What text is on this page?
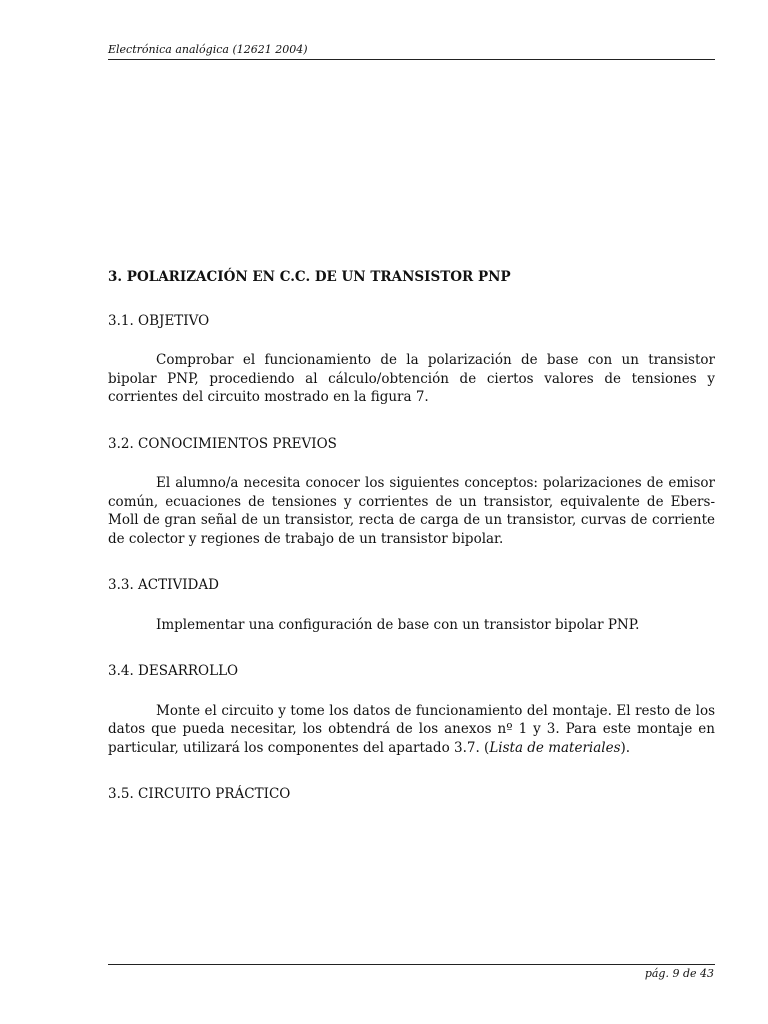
Electrónica analógica (12621 2004)
3. POLARIZACIÓN EN C.C. DE UN TRANSISTOR PNP
3.1. OBJETIVO

Comprobar el funcionamiento de la polarización de base con un transistor bipolar PNP, procediendo al cálculo/obtención de ciertos valores de tensiones y corrientes del circuito mostrado en la figura 7.

3.2. CONOCIMIENTOS PREVIOS

El alumno/a necesita conocer los siguientes conceptos: polarizaciones de emisor común, ecuaciones de tensiones y corrientes de un transistor, equivalente de Ebers-Moll de gran señal de un transistor, recta de carga de un transistor, curvas de corriente de colector y regiones de trabajo de un transistor bipolar.

3.3. ACTIVIDAD

Implementar una configuración de base con un transistor bipolar PNP.

3.4. DESARROLLO

Monte el circuito y tome los datos de funcionamiento del montaje. El resto de los datos que pueda necesitar, los obtendrá de los anexos nº 1 y 3. Para este montaje en particular, utilizará los componentes del apartado 3.7. (Lista de materiales).

3.5. CIRCUITO PRÁCTICO
pág. 9 de 43
